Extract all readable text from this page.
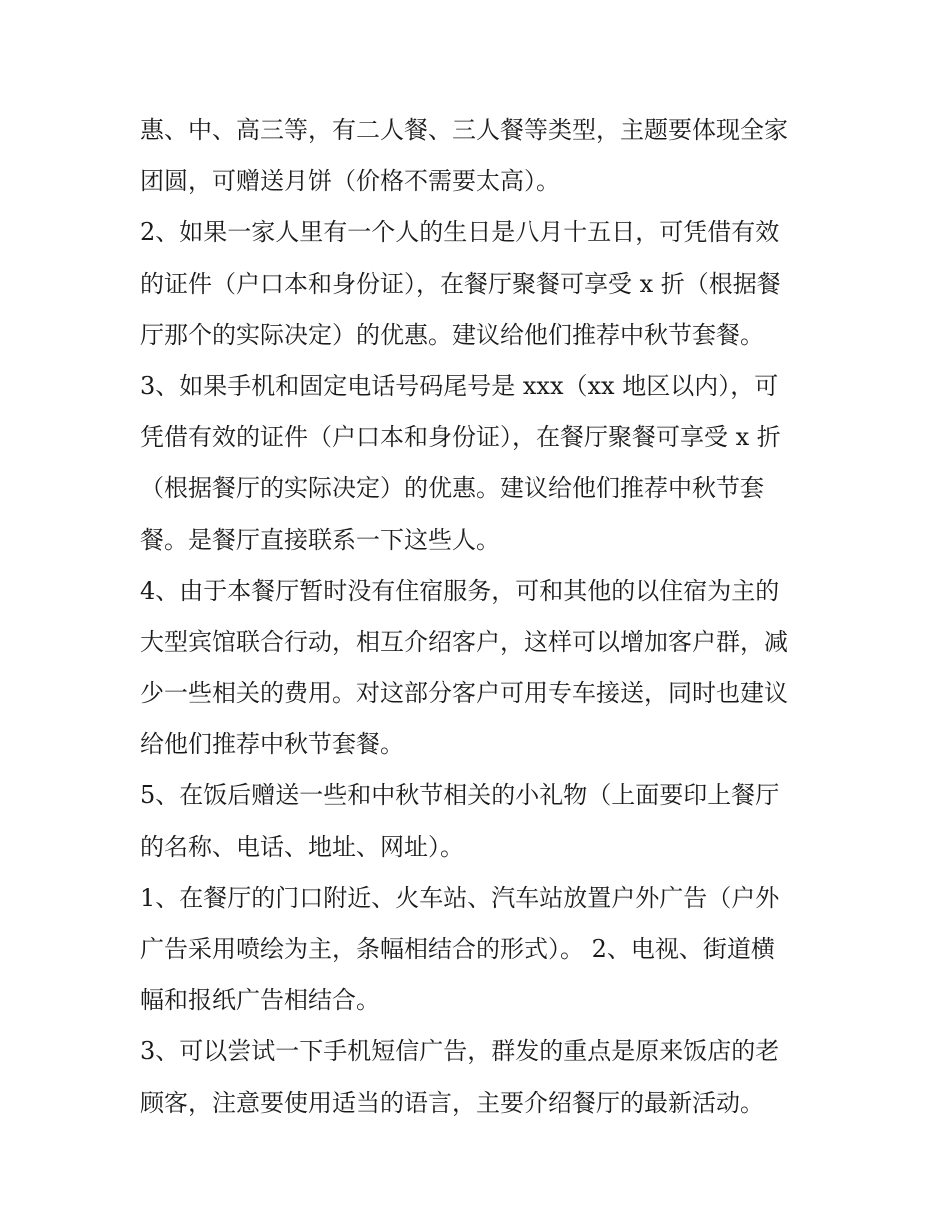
惠、中、高三等，有二人餐、三人餐等类型，主题要体现全家
团圆，可赠送月饼（价格不需要太高）。
2、如果一家人里有一个人的生日是八月十五日，可凭借有效
的证件（户口本和身份证），在餐厅聚餐可享受 x 折（根据餐
厅那个的实际决定）的优惠。建议给他们推荐中秋节套餐。
3、如果手机和固定电话号码尾号是 xxx（xx 地区以内），可
凭借有效的证件（户口本和身份证），在餐厅聚餐可享受 x 折
（根据餐厅的实际决定）的优惠。建议给他们推荐中秋节套
餐。是餐厅直接联系一下这些人。
4、由于本餐厅暂时没有住宿服务，可和其他的以住宿为主的
大型宾馆联合行动，相互介绍客户，这样可以增加客户群，减
少一些相关的费用。对这部分客户可用专车接送，同时也建议
给他们推荐中秋节套餐。
5、在饭后赠送一些和中秋节相关的小礼物（上面要印上餐厅
的名称、电话、地址、网址）。
1、在餐厅的门口附近、火车站、汽车站放置户外广告（户外
广告采用喷绘为主，条幅相结合的形式）。 2、电视、街道横
幅和报纸广告相结合。
3、可以尝试一下手机短信广告，群发的重点是原来饭店的老
顾客，注意要使用适当的语言，主要介绍餐厅的最新活动。
